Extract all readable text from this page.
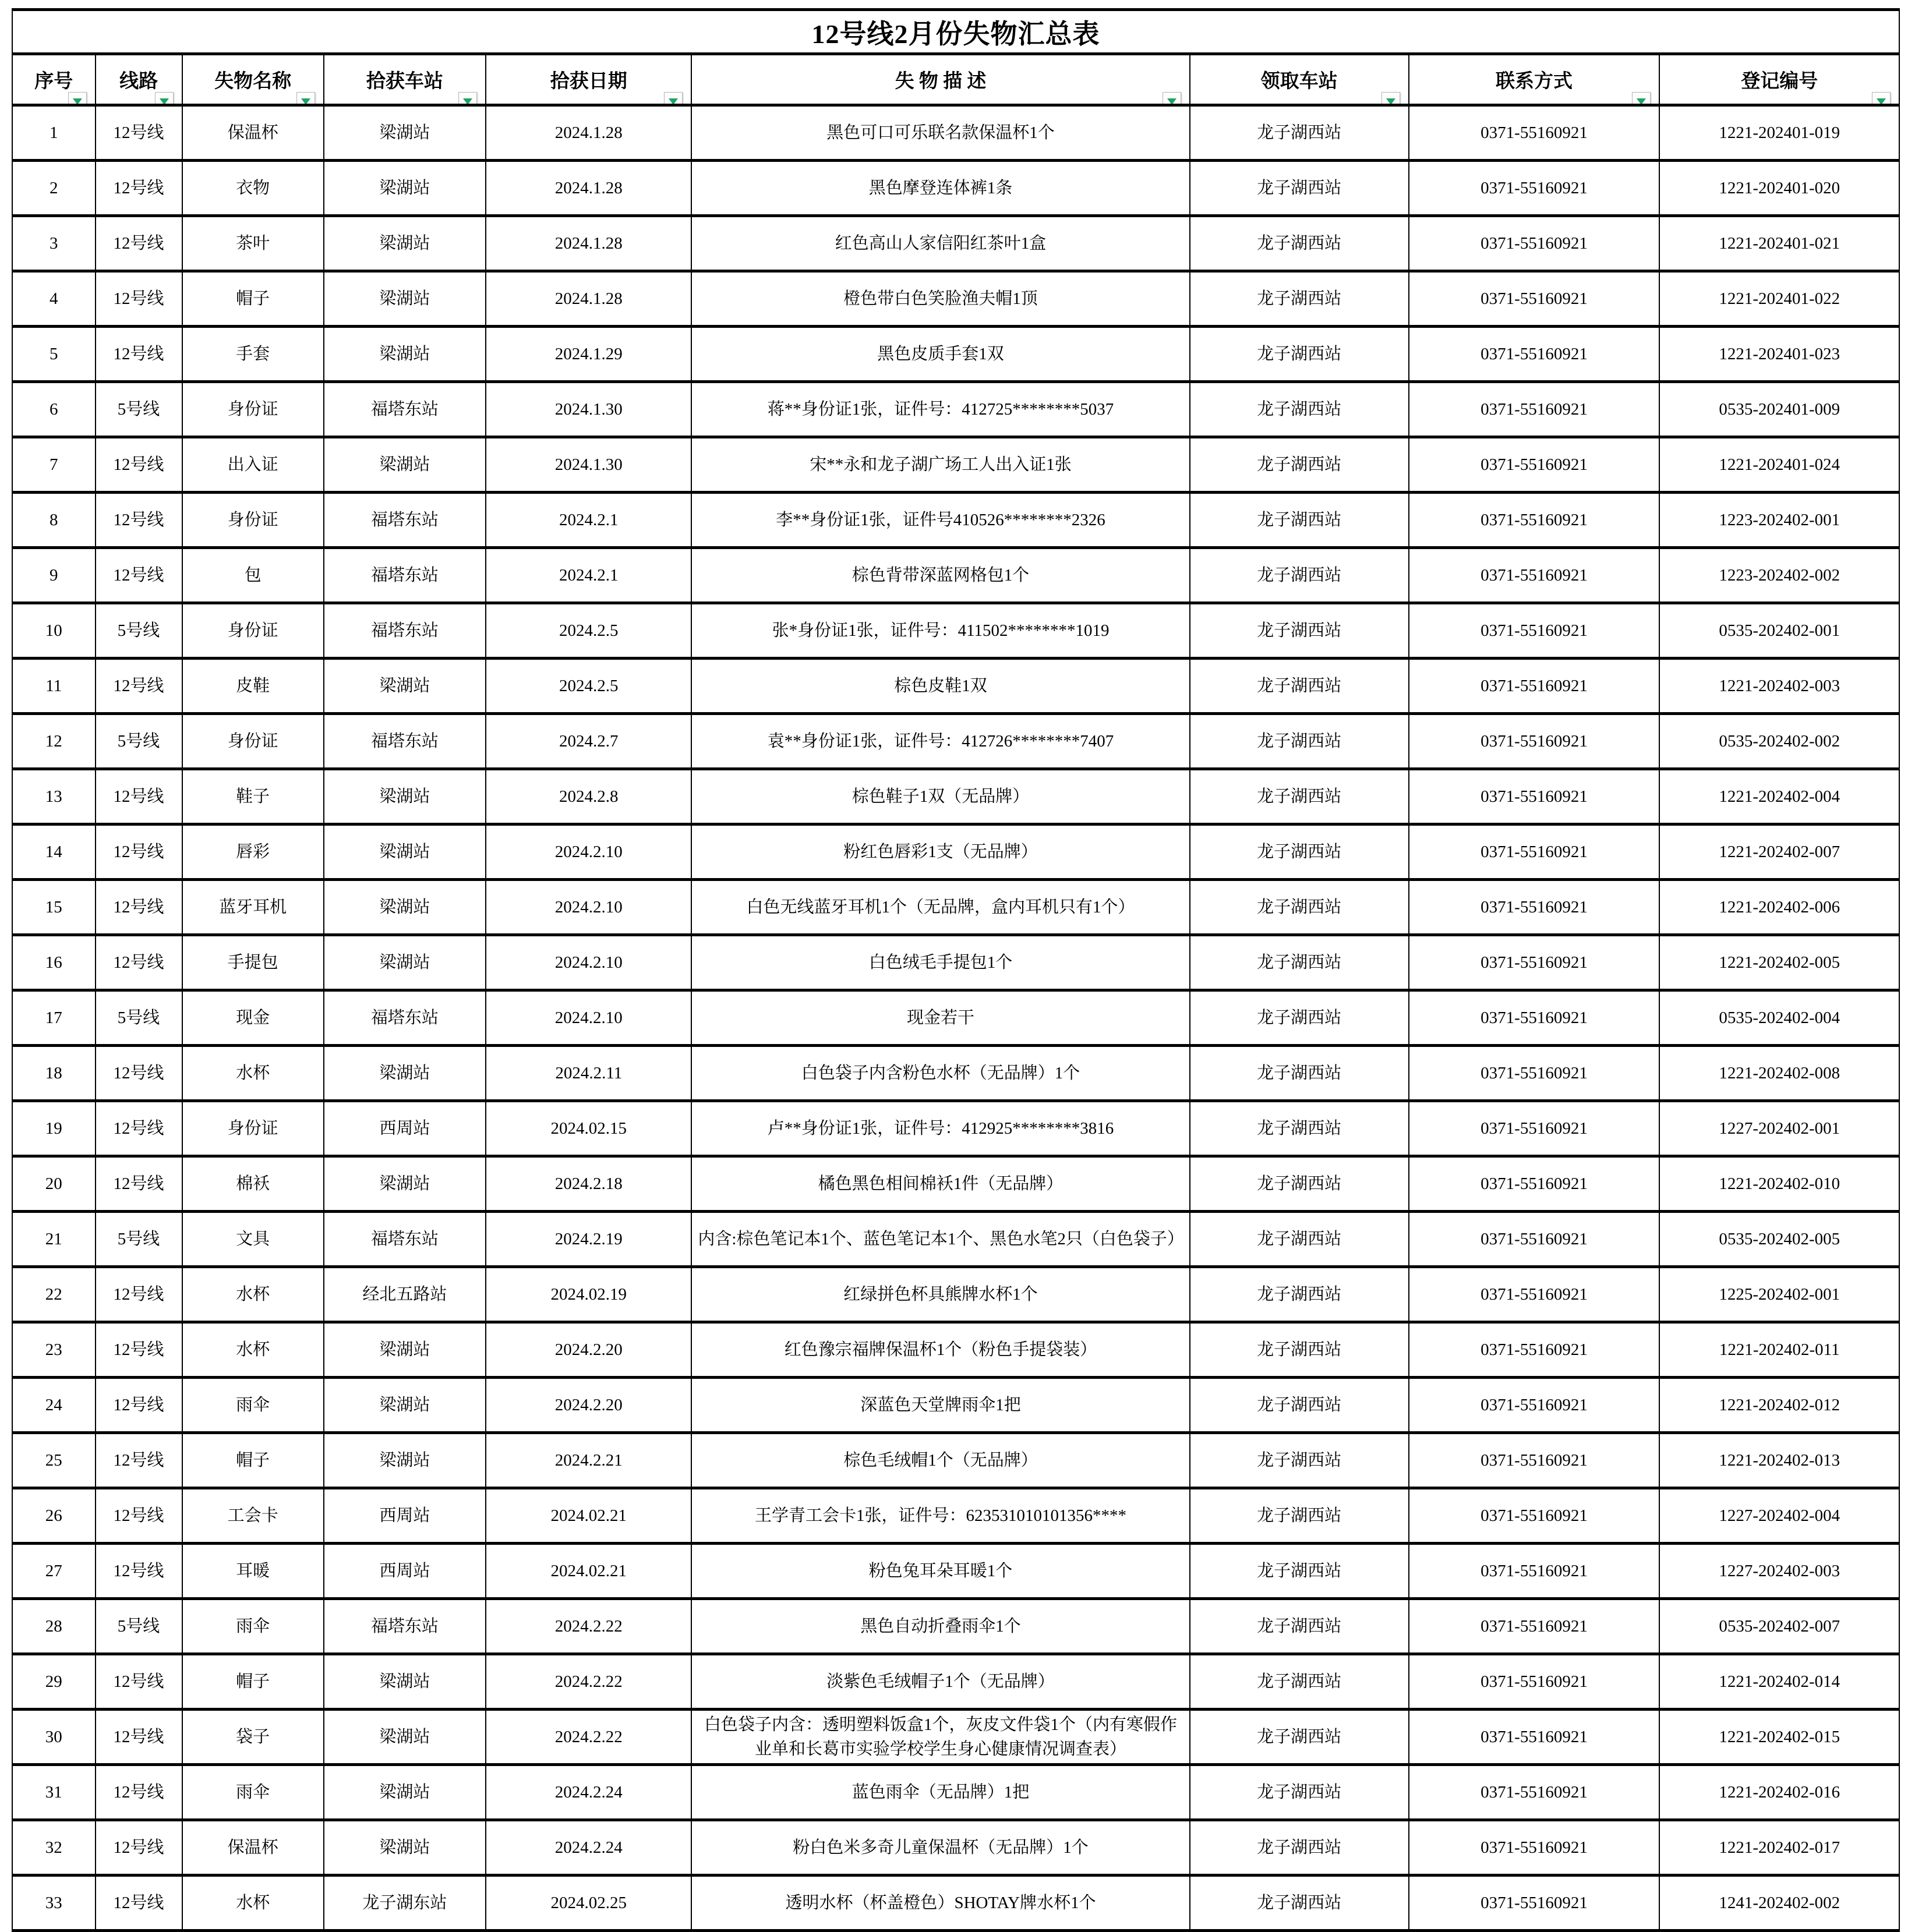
12号线2月份失物汇总表								

序号	线路	失物名称	拾获车站	拾获日期	失 物 描 述	领取车站	联系方式	登记编号

1	12号线	保温杯	梁湖站	2024.1.28	黑色可口可乐联名款保温杯1个	龙子湖西站	0371-55160921	1221-202401-019
2	12号线	衣物	梁湖站	2024.1.28	黑色摩登连体裤1条	龙子湖西站	0371-55160921	1221-202401-020
3	12号线	茶叶	梁湖站	2024.1.28	红色高山人家信阳红茶叶1盒	龙子湖西站	0371-55160921	1221-202401-021
4	12号线	帽子	梁湖站	2024.1.28	橙色带白色笑脸渔夫帽1顶	龙子湖西站	0371-55160921	1221-202401-022
5	12号线	手套	梁湖站	2024.1.29	黑色皮质手套1双	龙子湖西站	0371-55160921	1221-202401-023
6	5号线	身份证	福塔东站	2024.1.30	蒋**身份证1张，证件号：412725********5037	龙子湖西站	0371-55160921	0535-202401-009
7	12号线	出入证	梁湖站	2024.1.30	宋**永和龙子湖广场工人出入证1张	龙子湖西站	0371-55160921	1221-202401-024
8	12号线	身份证	福塔东站	2024.2.1	李**身份证1张，证件号410526********2326	龙子湖西站	0371-55160921	1223-202402-001
9	12号线	包	福塔东站	2024.2.1	棕色背带深蓝网格包1个	龙子湖西站	0371-55160921	1223-202402-002
10	5号线	身份证	福塔东站	2024.2.5	张*身份证1张，证件号：411502********1019	龙子湖西站	0371-55160921	0535-202402-001
11	12号线	皮鞋	梁湖站	2024.2.5	棕色皮鞋1双	龙子湖西站	0371-55160921	1221-202402-003
12	5号线	身份证	福塔东站	2024.2.7	袁**身份证1张，证件号：412726********7407	龙子湖西站	0371-55160921	0535-202402-002
13	12号线	鞋子	梁湖站	2024.2.8	棕色鞋子1双（无品牌）	龙子湖西站	0371-55160921	1221-202402-004
14	12号线	唇彩	梁湖站	2024.2.10	粉红色唇彩1支（无品牌）	龙子湖西站	0371-55160921	1221-202402-007
15	12号线	蓝牙耳机	梁湖站	2024.2.10	白色无线蓝牙耳机1个（无品牌，盒内耳机只有1个）	龙子湖西站	0371-55160921	1221-202402-006
16	12号线	手提包	梁湖站	2024.2.10	白色绒毛手提包1个	龙子湖西站	0371-55160921	1221-202402-005
17	5号线	现金	福塔东站	2024.2.10	现金若干	龙子湖西站	0371-55160921	0535-202402-004
18	12号线	水杯	梁湖站	2024.2.11	白色袋子内含粉色水杯（无品牌）1个	龙子湖西站	0371-55160921	1221-202402-008
19	12号线	身份证	西周站	2024.02.15	卢**身份证1张，证件号：412925********3816	龙子湖西站	0371-55160921	1227-202402-001
20	12号线	棉袄	梁湖站	2024.2.18	橘色黑色相间棉袄1件（无品牌）	龙子湖西站	0371-55160921	1221-202402-010
21	5号线	文具	福塔东站	2024.2.19	内含:棕色笔记本1个、蓝色笔记本1个、黑色水笔2只（白色袋子）	龙子湖西站	0371-55160921	0535-202402-005
22	12号线	水杯	经北五路站	2024.02.19	红绿拼色杯具熊牌水杯1个	龙子湖西站	0371-55160921	1225-202402-001
23	12号线	水杯	梁湖站	2024.2.20	红色豫宗福牌保温杯1个（粉色手提袋装）	龙子湖西站	0371-55160921	1221-202402-011
24	12号线	雨伞	梁湖站	2024.2.20	深蓝色天堂牌雨伞1把	龙子湖西站	0371-55160921	1221-202402-012
25	12号线	帽子	梁湖站	2024.2.21	棕色毛绒帽1个（无品牌）	龙子湖西站	0371-55160921	1221-202402-013
26	12号线	工会卡	西周站	2024.02.21	王学青工会卡1张，证件号：623531010101356****	龙子湖西站	0371-55160921	1227-202402-004
27	12号线	耳暖	西周站	2024.02.21	粉色兔耳朵耳暖1个	龙子湖西站	0371-55160921	1227-202402-003
28	5号线	雨伞	福塔东站	2024.2.22	黑色自动折叠雨伞1个	龙子湖西站	0371-55160921	0535-202402-007
29	12号线	帽子	梁湖站	2024.2.22	淡紫色毛绒帽子1个（无品牌）	龙子湖西站	0371-55160921	1221-202402-014
30	12号线	袋子	梁湖站	2024.2.22	白色袋子内含：透明塑料饭盒1个，灰皮文件袋1个（内有寒假作业单和长葛市实验学校学生身心健康情况调查表）	龙子湖西站	0371-55160921	1221-202402-015
31	12号线	雨伞	梁湖站	2024.2.24	蓝色雨伞（无品牌）1把	龙子湖西站	0371-55160921	1221-202402-016
32	12号线	保温杯	梁湖站	2024.2.24	粉白色米多奇儿童保温杯（无品牌）1个	龙子湖西站	0371-55160921	1221-202402-017
33	12号线	水杯	龙子湖东站	2024.02.25	透明水杯（杯盖橙色）SHOTAY牌水杯1个	龙子湖西站	0371-55160921	1241-202402-002
